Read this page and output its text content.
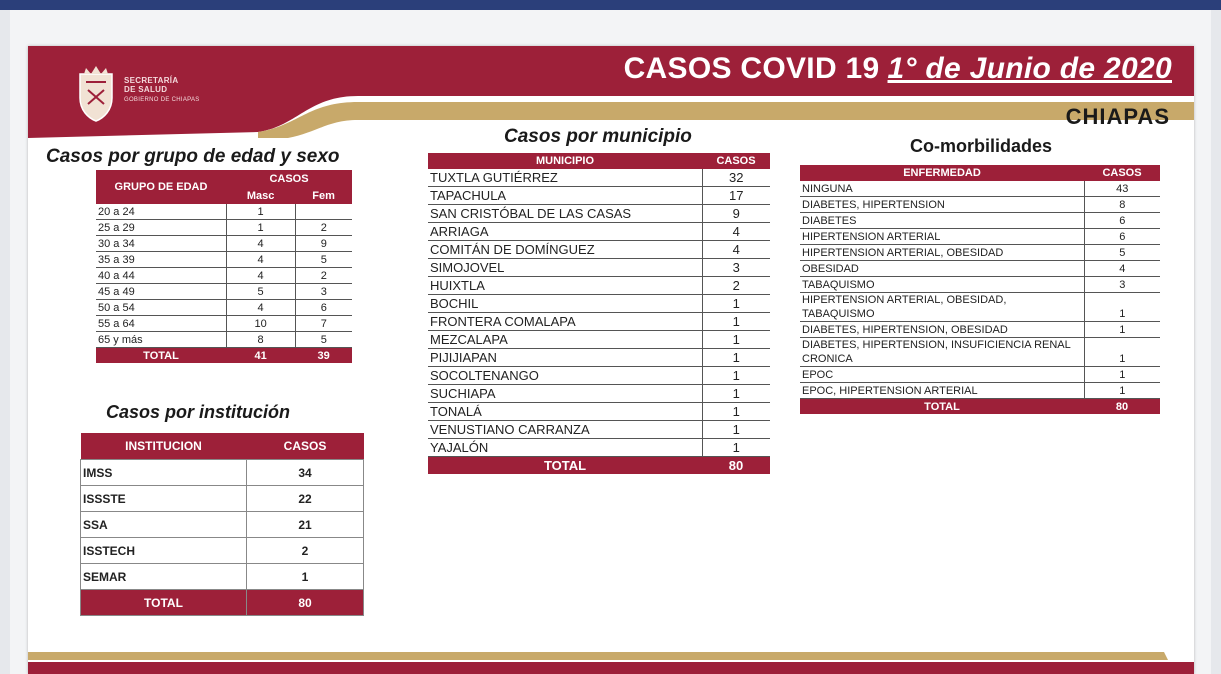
SECRETARÍA
DE SALUD
GOBIERNO DE CHIAPAS
CASOS COVID 19 1° de Junio de 2020
CHIAPAS
Casos por grupo de edad y sexo
GRUPO DE EDAD	CASOS	
	Masc	Fem
20 a 24	1	
25 a 29	1	2
30 a 34	4	9
35 a 39	4	5
40 a 44	4	2
45 a 49	5	3
50 a 54	4	6
55 a 64	10	7
65 y más	8	5
TOTAL	41	39
Casos por institución
INSTITUCION	CASOS
IMSS	34
ISSSTE	22
SSA	21
ISSTECH	2
SEMAR	1
TOTAL	80
Casos por municipio
MUNICIPIO	CASOS
TUXTLA GUTIÉRREZ	32
TAPACHULA	17
SAN CRISTÓBAL DE LAS CASAS	9
ARRIAGA	4
COMITÁN DE DOMÍNGUEZ	4
SIMOJOVEL	3
HUIXTLA	2
BOCHIL	1
FRONTERA COMALAPA	1
MEZCALAPA	1
PIJIJIAPAN	1
SOCOLTENANGO	1
SUCHIAPA	1
TONALÁ	1
VENUSTIANO CARRANZA	1
YAJALÓN	1
TOTAL	80
Co-morbilidades
ENFERMEDAD	CASOS
NINGUNA	43
DIABETES, HIPERTENSION	8
DIABETES	6
HIPERTENSION ARTERIAL	6
HIPERTENSION ARTERIAL, OBESIDAD	5
OBESIDAD	4
TABAQUISMO	3
HIPERTENSION ARTERIAL, OBESIDAD, TABAQUISMO	1
DIABETES, HIPERTENSION, OBESIDAD	1
DIABETES, HIPERTENSION, INSUFICIENCIA RENAL CRONICA	1
EPOC	1
EPOC, HIPERTENSION ARTERIAL	1
TOTAL	80
